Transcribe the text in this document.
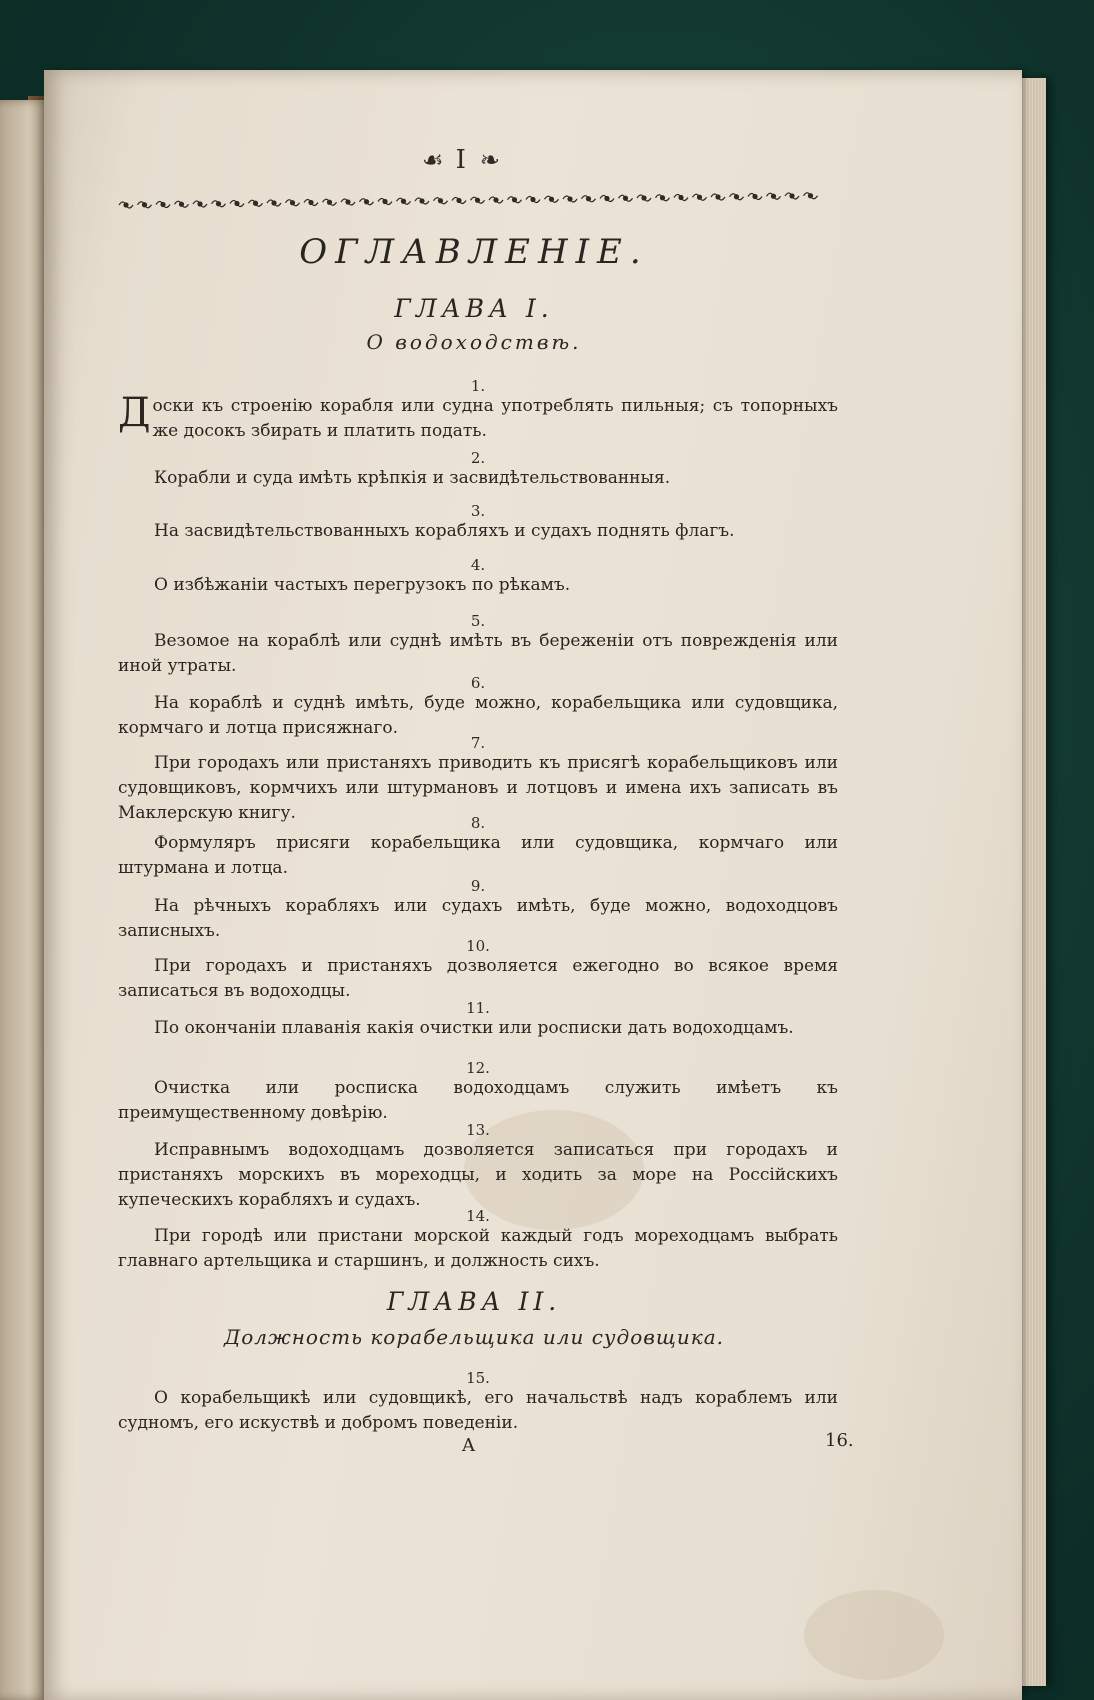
☙ I ❧
ОГЛАВЛЕНІЕ.
ГЛАВА I.
О водоходствѣ.
1.
Доски къ строенію корабля или судна употреблять пильныя; съ топорныхъ же досокъ збирать и платить подать.
2.
Корабли и суда имѣть крѣпкія и засвидѣтельствованныя.
3.
На засвидѣтельствованныхъ корабляхъ и судахъ поднять флагъ.
4.
О избѣжаніи частыхъ перегрузокъ по рѣкамъ.
5.
Везомое на кораблѣ или суднѣ имѣть въ береженіи отъ поврежденія или иной утраты.
6.
На кораблѣ и суднѣ имѣть, буде можно, корабельщика или судовщика, кормчаго и лотца присяжнаго.
7.
При городахъ или пристаняхъ приводить къ присягѣ корабельщиковъ или судовщиковъ, кормчихъ или штурмановъ и лотцовъ и имена ихъ записать въ Маклерскую книгу.	8.
Формуляръ присяги корабельщика или судовщика, кормчаго или штурмана и лотца.
9.
На рѣчныхъ корабляхъ или судахъ имѣть, буде можно, водоходцовъ записныхъ.
10.
При городахъ и пристаняхъ дозволяется ежегодно во всякое время записаться въ водоходцы.
11.
По окончаніи плаванія какія очистки или росписки дать водоходцамъ.
12.
Очистка или росписка водоходцамъ служить имѣетъ къ преимущественному довѣрію.
13.
Исправнымъ водоходцамъ дозволяется записаться при городахъ и пристаняхъ морскихъ въ мореходцы, и ходить за море на Россійскихъ купеческихъ корабляхъ и судахъ.
14.
При городѣ или пристани морской каждый годъ мореходцамъ выбрать главнаго артельщика и старшинъ, и должность сихъ.
15.
О корабельщикѣ или судовщикѣ, его начальствѣ надъ кораблемъ или судномъ, его искуствѣ и добромъ поведеніи.
ГЛАВА II.
Должность корабельщика или судовщика.
A	16.
